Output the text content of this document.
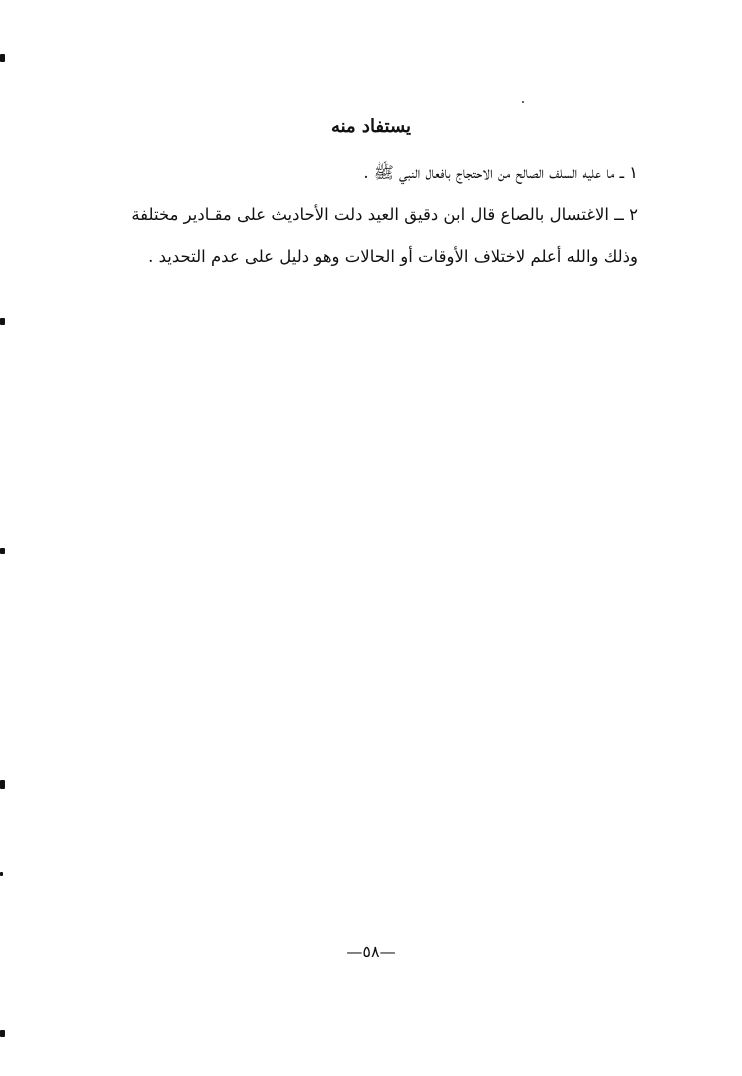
يستفاد منه
١ ــ ما عليه السلف الصالح من الاحتجاج بافعال النبي ﷺ .
٢ ــ الاغتسال بالصاع قال ابن دقيق العيد دلت الأحاديث على مقـادير مختلفة
وذلك والله أعلم لاختلاف الأوقات أو الحالات وهو دليل على عدم التحديد .
—٥٨—
